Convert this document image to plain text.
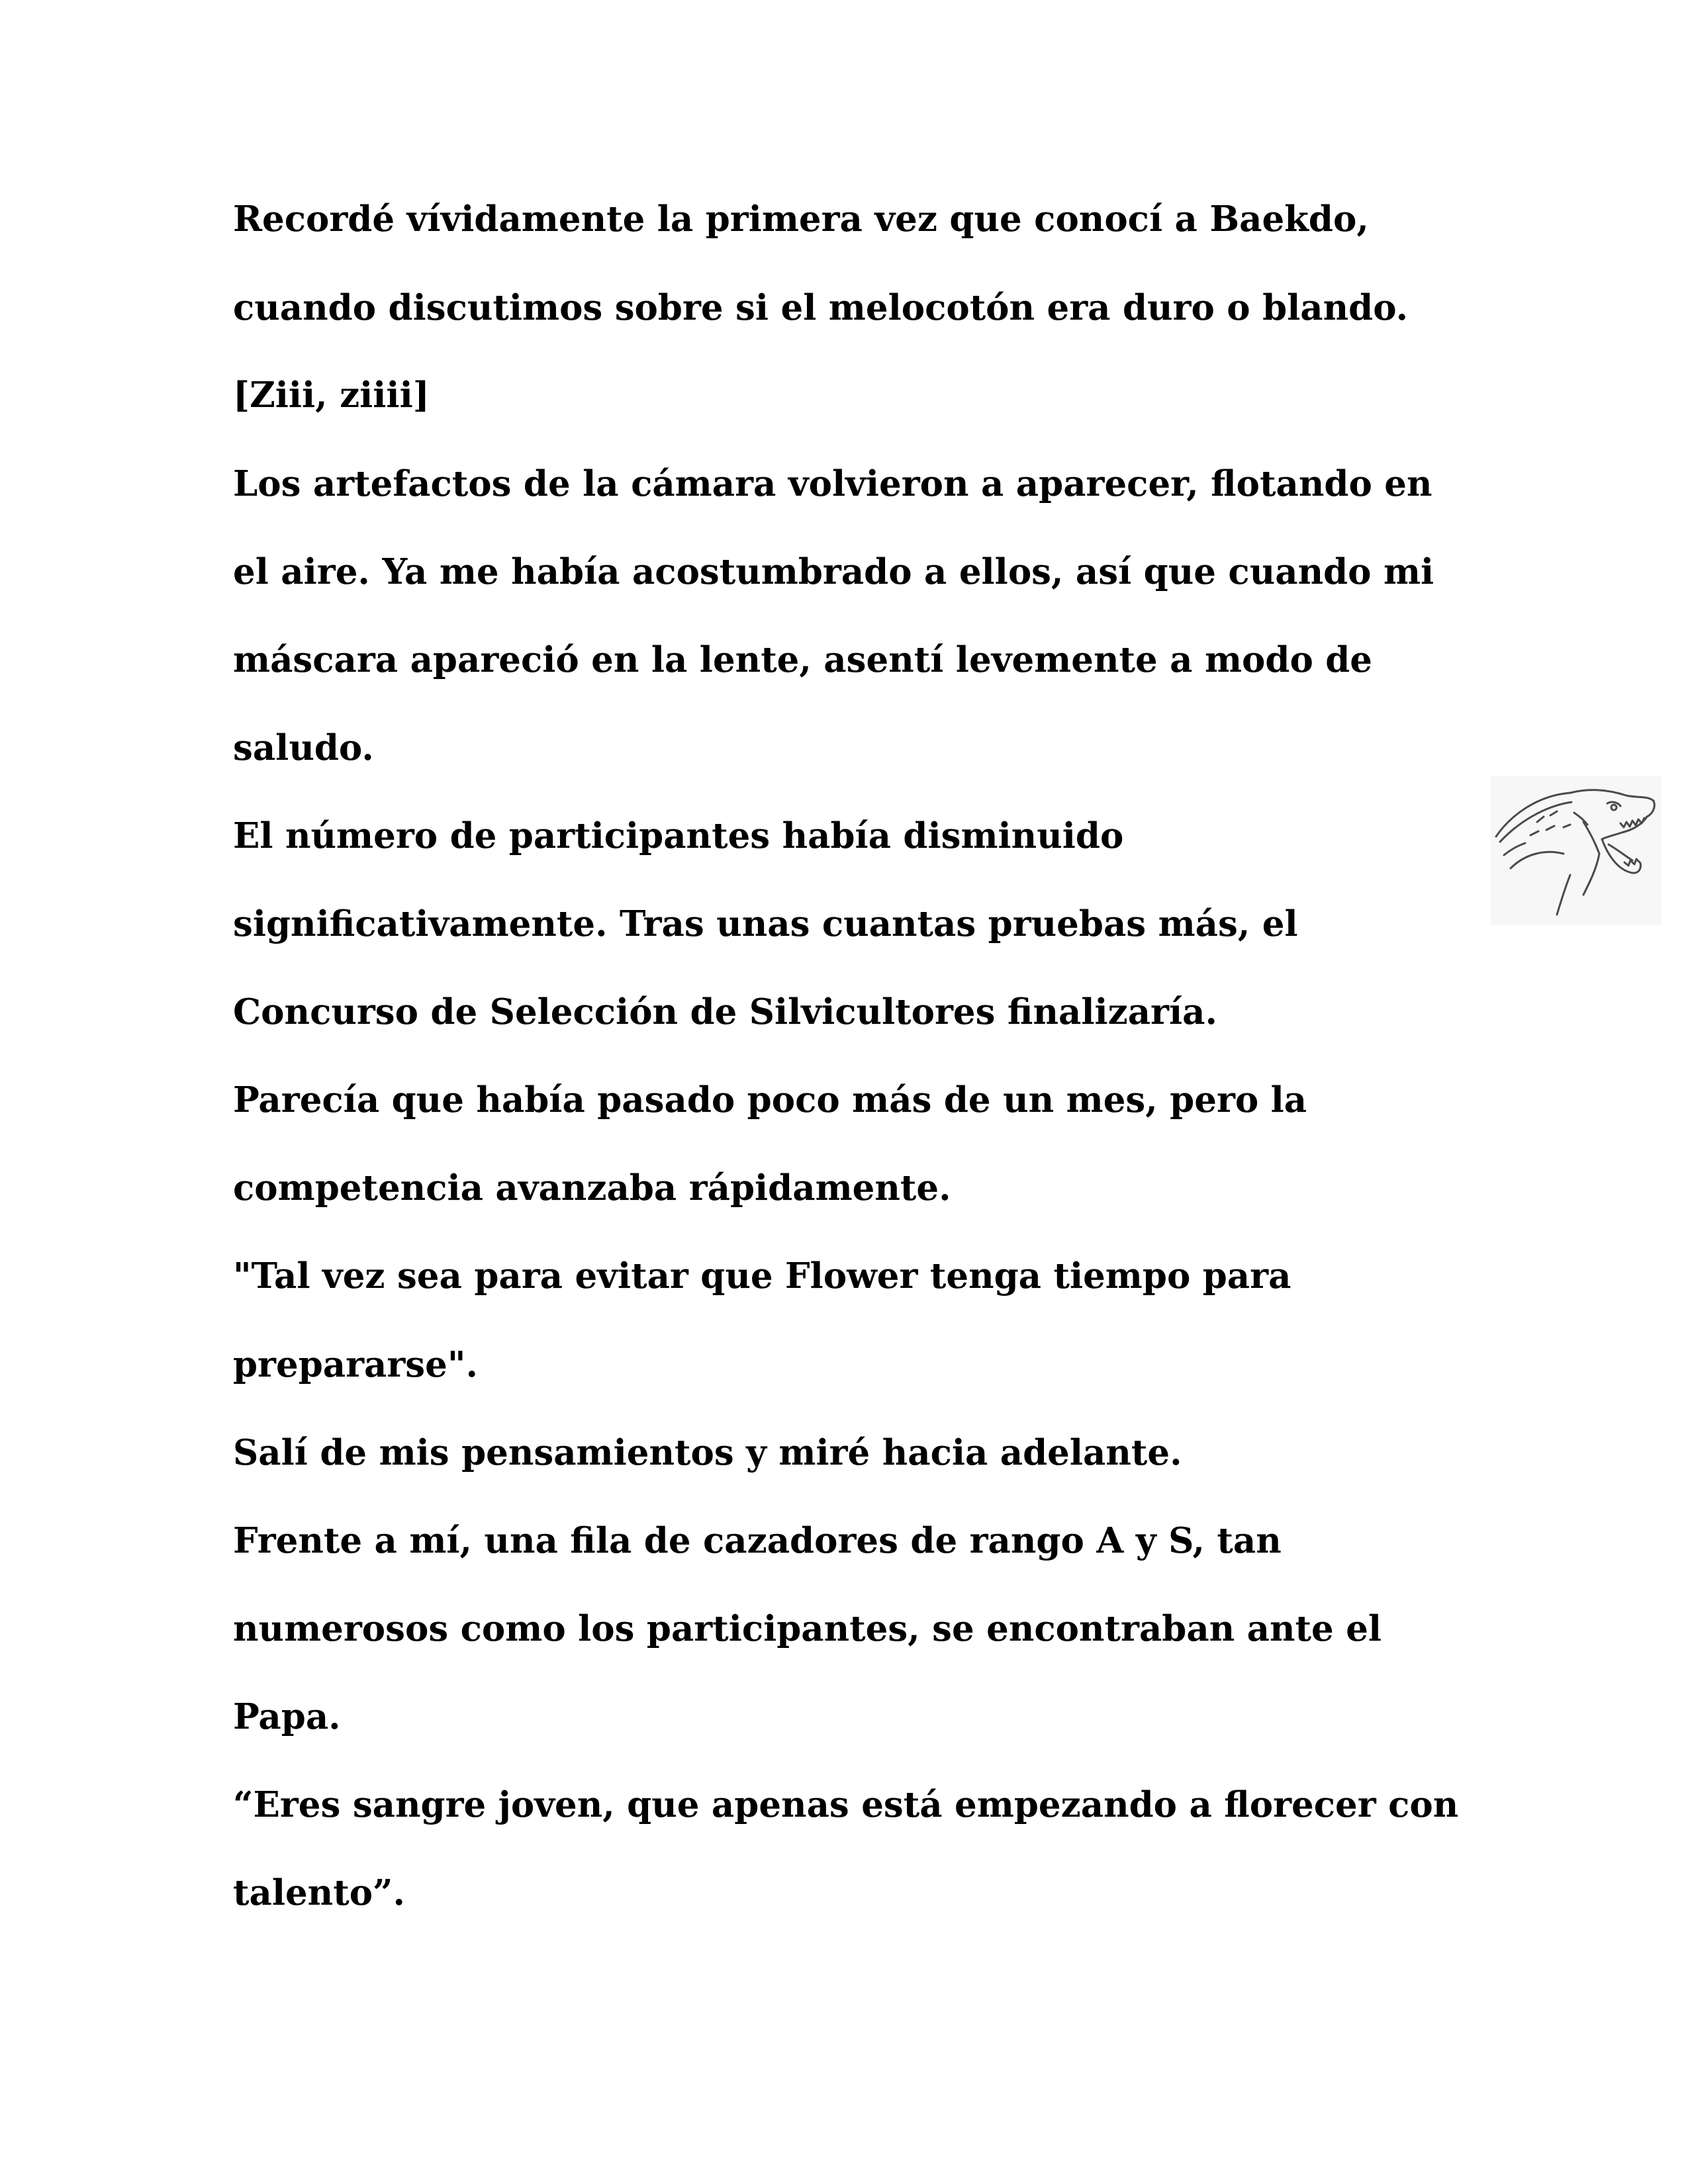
Recordé vívidamente la primera vez que conocí a Baekdo,
cuando discutimos sobre si el melocotón era duro o blando.
[Ziii, ziiii]
Los artefactos de la cámara volvieron a aparecer, flotando en
el aire. Ya me había acostumbrado a ellos, así que cuando mi
máscara apareció en la lente, asentí levemente a modo de
saludo.
El número de participantes había disminuido
significativamente. Tras unas cuantas pruebas más, el
Concurso de Selección de Silvicultores finalizaría.
Parecía que había pasado poco más de un mes, pero la
competencia avanzaba rápidamente.
"Tal vez sea para evitar que Flower tenga tiempo para
prepararse".
Salí de mis pensamientos y miré hacia adelante.
Frente a mí, una fila de cazadores de rango A y S, tan
numerosos como los participantes, se encontraban ante el
Papa.
“Eres sangre joven, que apenas está empezando a florecer con
talento”.
